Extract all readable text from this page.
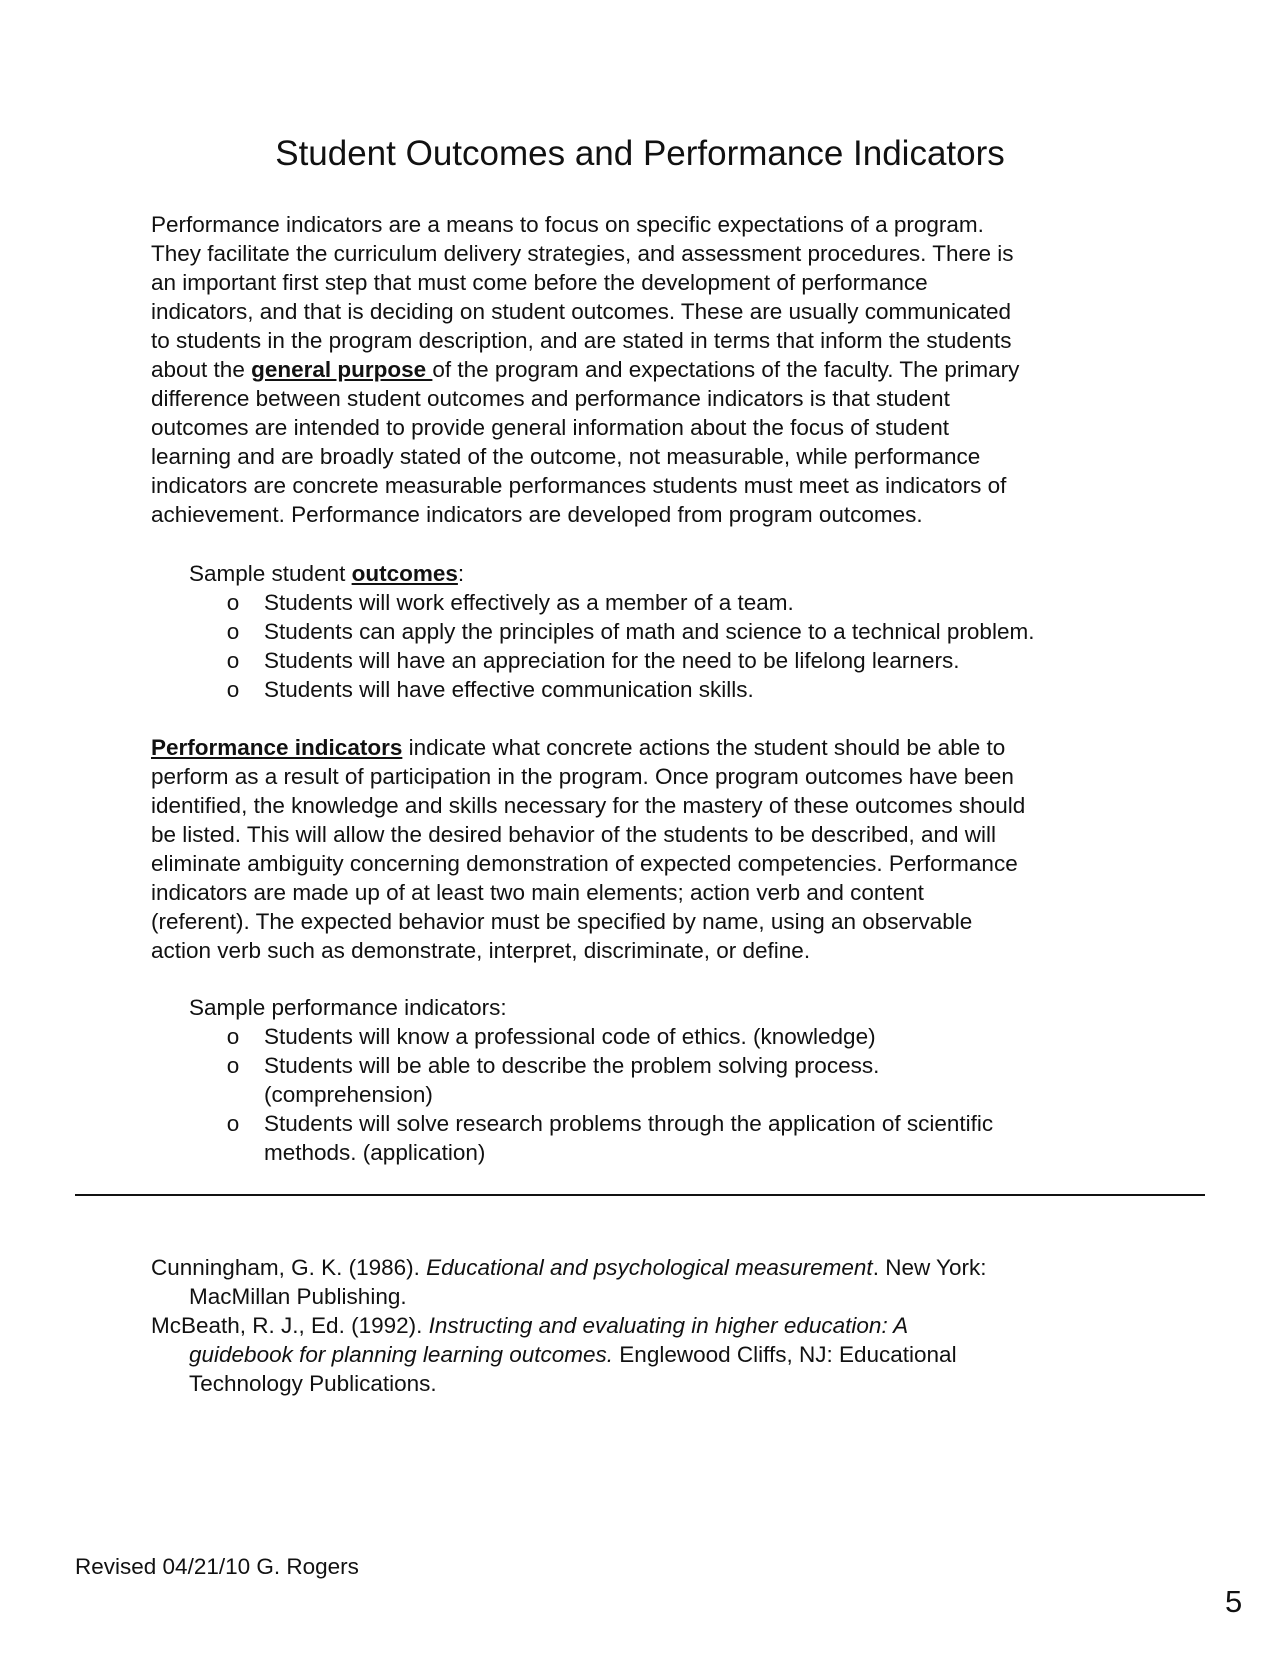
Student Outcomes and Performance Indicators
Performance indicators are a means to focus on specific expectations of a program.
They facilitate the curriculum delivery strategies, and assessment procedures. There is
an important first step that must come before the development of performance
indicators, and that is deciding on student outcomes. These are usually communicated
to students in the program description, and are stated in terms that inform the students
about the general purpose of the program and expectations of the faculty. The primary
difference between student outcomes and performance indicators is that student
outcomes are intended to provide general information about the focus of student
learning and are broadly stated of the outcome, not measurable, while performance
indicators are concrete measurable performances students must meet as indicators of
achievement. Performance indicators are developed from program outcomes.

Sample student outcomes:

o Students will work effectively as a member of a team.
o Students can apply the principles of math and science to a technical problem.
o Students will have an appreciation for the need to be lifelong learners.
o Students will have effective communication skills.
Performance indicators indicate what concrete actions the student should be able to
perform as a result of participation in the program. Once program outcomes have been
identified, the knowledge and skills necessary for the mastery of these outcomes should
be listed. This will allow the desired behavior of the students to be described, and will
eliminate ambiguity concerning demonstration of expected competencies. Performance
indicators are made up of at least two main elements; action verb and content
(referent). The expected behavior must be specified by name, using an observable
action verb such as demonstrate, interpret, discriminate, or define.

Sample performance indicators:

o Students will know a professional code of ethics. (knowledge)
o Students will be able to describe the problem solving process.
(comprehension)
o Students will solve research problems through the application of scientific
methods. (application)
Cunningham, G. K. (1986). Educational and psychological measurement. New York:
MacMillan Publishing.
McBeath, R. J., Ed. (1992). Instructing and evaluating in higher education: A
guidebook for planning learning outcomes. Englewood Cliffs, NJ: Educational
Technology Publications.

Revised 04/21/10 G. Rogers

5
